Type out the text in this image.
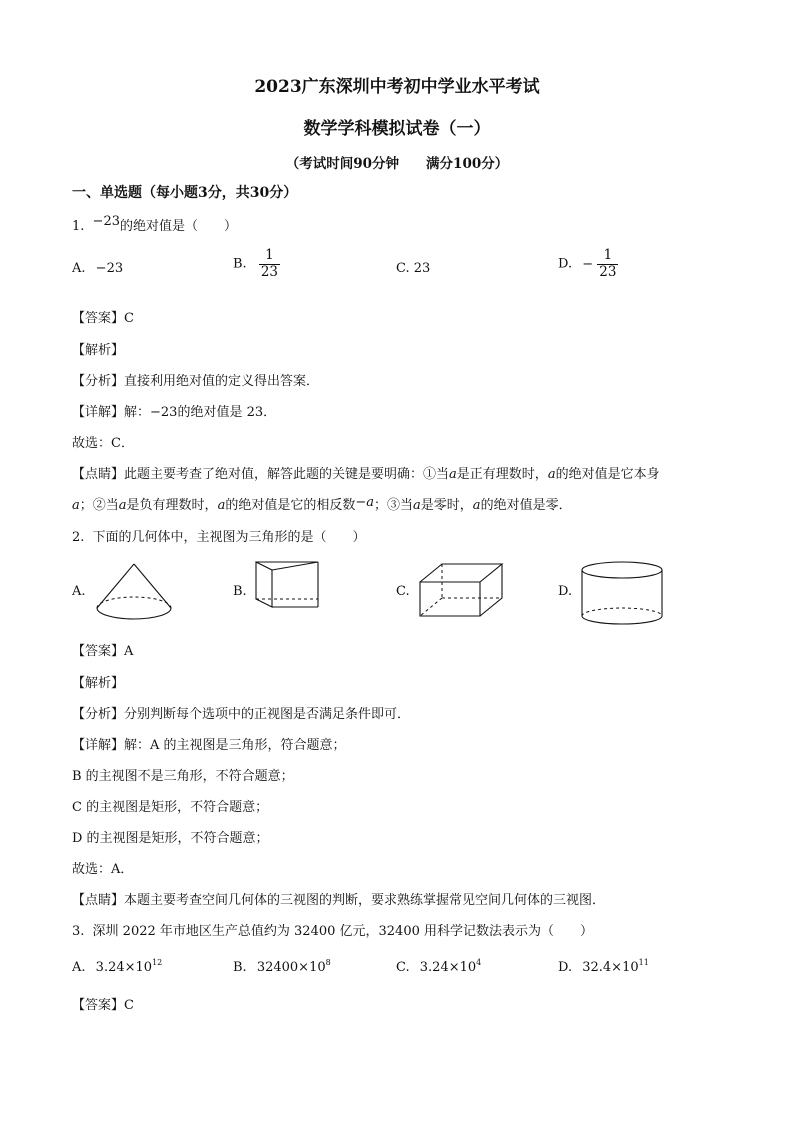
2023广东深圳中考初中学业水平考试
数学学科模拟试卷（一）
（考试时间90分钟　　满分100分）
一、单选题（每小题3分，共30分）
1. −23的绝对值是（　　）
A. −23	B. $\frac{1}{23}$	C. 23	D. − $\frac{1}{23}$
【答案】C
【解析】
【分析】直接利用绝对值的定义得出答案．
【详解】解：−23的绝对值是 23．
故选：C．
【点睛】此题主要考查了绝对值，解答此题的关键是要明确：①当a是正有理数时，a的绝对值是它本身
a；②当a是负有理数时，a的绝对值是它的相反数−a；③当a是零时，a的绝对值是零．
2. 下面的几何体中，主视图为三角形的是（　　）
A.	B.	C.	D.
【答案】A
【解析】
【分析】分别判断每个选项中的正视图是否满足条件即可．
【详解】解：A 的主视图是三角形，符合题意；
B 的主视图不是三角形，不符合题意；
C 的主视图是矩形，不符合题意；
D 的主视图是矩形，不符合题意；
故选：A．
【点睛】本题主要考查空间几何体的三视图的判断，要求熟练掌握常见空间几何体的三视图．
3. 深圳 2022 年市地区生产总值约为 32400 亿元，32400 用科学记数法表示为（　　）
A. $3.24\times 10^{12}$	B. $32400\times 10^8$	C. $3.24\times 10^4$	D. $32.4\times 10^{11}$
【答案】C
